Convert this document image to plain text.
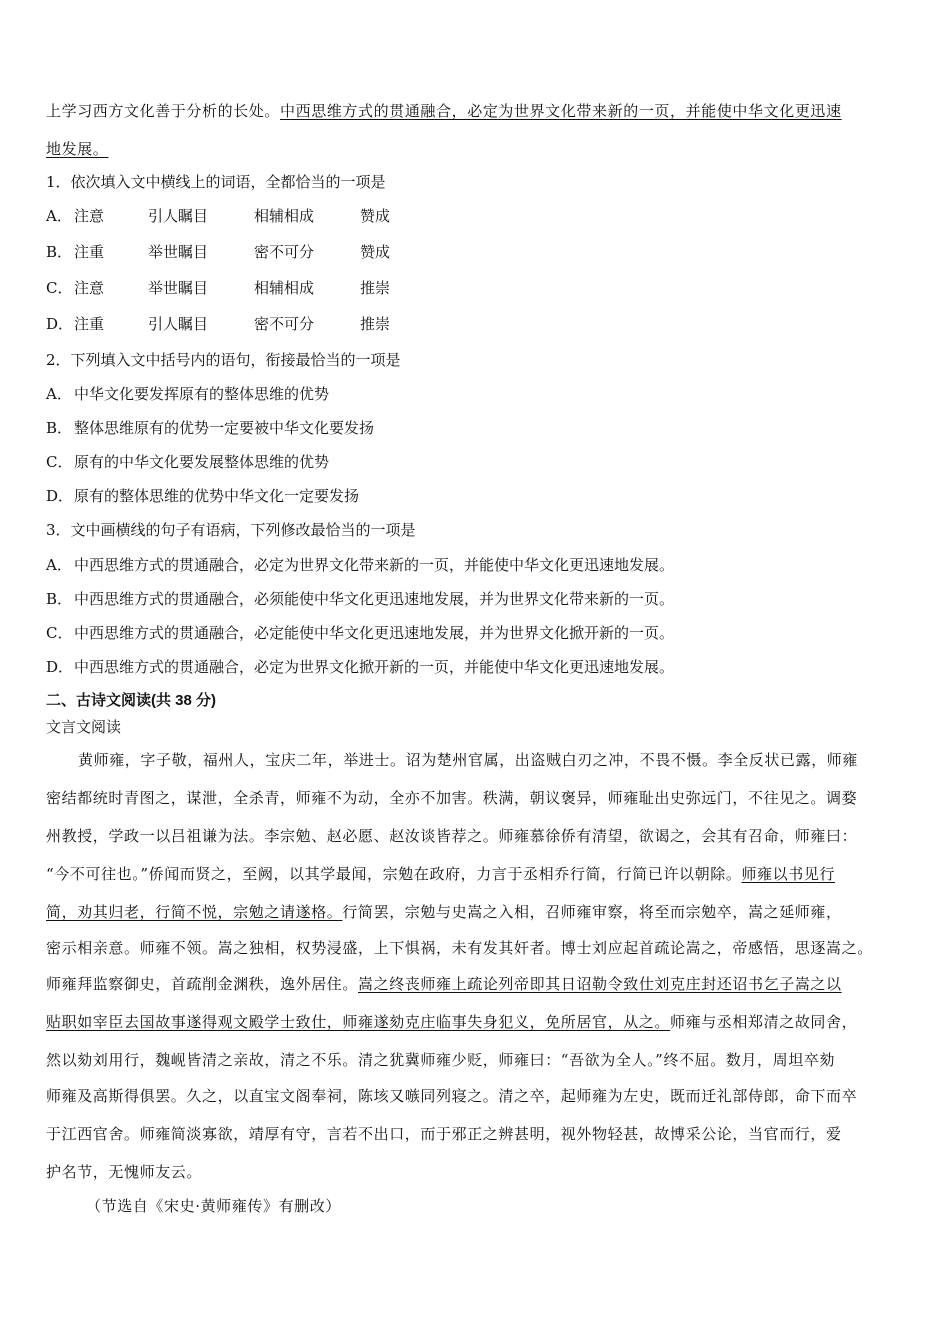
上学习西方文化善于分析的长处。中西思维方式的贯通融合，必定为世界文化带来新的一页，并能使中华文化更迅速
地发展。
1．依次填入文中横线上的词语，全都恰当的一项是
A． 注意	引人瞩目	相辅相成	赞成
B． 注重	举世瞩目	密不可分	赞成
C． 注意	举世瞩目	相辅相成	推崇
D．注重	引人瞩目	密不可分	推崇
2．下列填入文中括号内的语句，衔接最恰当的一项是
A． 中华文化要发挥原有的整体思维的优势
B． 整体思维原有的优势一定要被中华文化要发扬
C． 原有的中华文化要发展整体思维的优势
D．原有的整体思维的优势中华文化一定要发扬
3．文中画横线的句子有语病，下列修改最恰当的一项是
A． 中西思维方式的贯通融合，必定为世界文化带来新的一页，并能使中华文化更迅速地发展。
B． 中西思维方式的贯通融合，必须能使中华文化更迅速地发展，并为世界文化带来新的一页。
C． 中西思维方式的贯通融合，必定能使中华文化更迅速地发展，并为世界文化掀开新的一页。
D．中西思维方式的贯通融合，必定为世界文化掀开新的一页，并能使中华文化更迅速地发展。
二、古诗文阅读(共 38 分)
文言文阅读
黄师雍，字子敬，福州人，宝庆二年，举进士。诏为楚州官属，出盗贼白刃之冲，不畏不慑。李全反状已露，师雍
密结都统时青图之，谋泄，全杀青，师雍不为动，全亦不加害。秩满，朝议褒异，师雍耻出史弥远门，不往见之。调婺
州教授，学政一以吕祖谦为法。李宗勉、赵必愿、赵汝谈皆荐之。师雍慕徐侨有清望，欲谒之，会其有召命，师雍曰：
“今不可往也。”侨闻而贤之，至阙，以其学最闻，宗勉在政府，力言于丞相乔行简，行简已许以朝除。师雍以书见行
简，劝其归老，行简不悦，宗勉之请遂格。行简罢，宗勉与史嵩之入相，召师雍审察，将至而宗勉卒，嵩之延师雍，
密示相亲意。师雍不领。嵩之独相，权势浸盛，上下惧祸，未有发其奸者。博士刘应起首疏论嵩之，帝感悟，思逐嵩之。
师雍拜监察御史，首疏削金渊秩，逸外居住。嵩之终丧师雍上疏论列帝即其日诏勒令致仕刘克庄封还诏书乞子嵩之以
贴职如宰臣去国故事遂得观文殿学士致仕，师雍遂劾克庄临事失身犯义，免所居官，从之。师雍与丞相郑清之故同舍，
然以劾刘用行，魏岘皆清之亲故，清之不乐。清之犹冀师雍少贬，师雍曰：“吾欲为全人。”终不屈。数月，周坦卒劾
师雍及高斯得俱罢。久之，以直宝文阁奉祠，陈垓又嗾同列寝之。清之卒，起师雍为左史，既而迁礼部侍郎，命下而卒
于江西官舍。师雍简淡寡欲，靖厚有守，言若不出口，而于邪正之辨甚明，视外物轻甚，故博采公论，当官而行，爱
护名节，无愧师友云。
（节选自《宋史·黄师雍传》有删改）
